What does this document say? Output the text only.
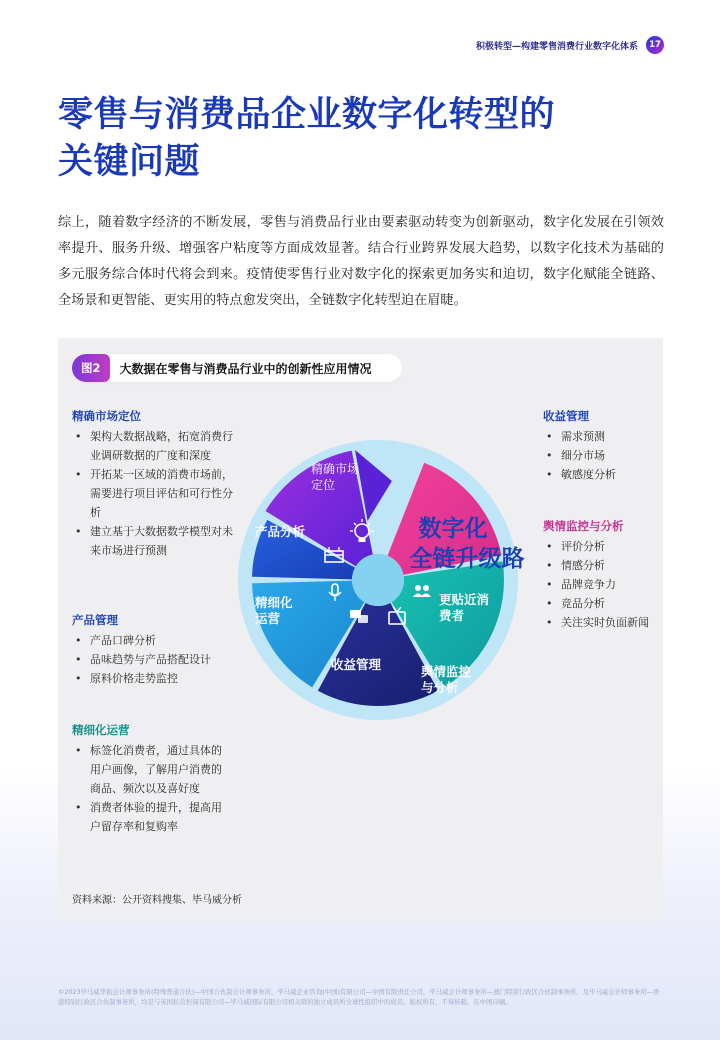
积极转型—构建零售消费行业数字化体系	17
零售与消费品企业数字化转型的
关键问题

综上，随着数字经济的不断发展，零售与消费品行业由要素驱动转变为创新驱动，数字化发展在引领效率提升、服务升级、增强客户粘度等方面成效显著。结合行业跨界发展大趋势，以数字化技术为基础的多元服务综合体时代将会到来。疫情使零售行业对数字化的探索更加务实和迫切，数字化赋能全链路、全场景和更智能、更实用的特点愈发突出，全链数字化转型迫在眉睫。

图2	大数据在零售与消费品行业中的创新性应用情况
精确市场定位
• 架构大数据战略，拓宽消费行业调研数据的广度和深度
• 开拓某一区域的消费市场前，需要进行项目评估和可行性分析
• 建立基于大数据数学模型对未来市场进行预测
产品管理
• 产品口碑分析
• 品味趋势与产品搭配设计
• 原料价格走势监控
精细化运营
• 标签化消费者，通过具体的用户画像，了解用户消费的商品、频次以及喜好度
• 消费者体验的提升，提高用户留存率和复购率
收益管理
• 需求预测
• 细分市场
• 敏感度分析
舆情监控与分析
• 评价分析
• 情感分析
• 品牌竞争力
• 竞品分析
• 关注实时负面新闻
精确市场
定位
更贴近消
费者
舆情监控
与分析
收益管理
精细化
运营
产品分析	数字化
全链升级路
资料来源：公开资料搜集、毕马威分析
©2023毕马威华振会计师事务所(特殊普通合伙)—中国合伙制会计师事务所，毕马威企业咨询(中国)有限公司—中国有限责任公司，毕马威会计师事务所—澳门特别行政区合伙制事务所，及毕马威会计师事务所—香港特别行政区合伙制事务所，均是与英国私营担保有限公司—毕马威国际有限公司相关联的独立成员所全球性组织中的成员。版权所有，不得转载。在中国印刷。
